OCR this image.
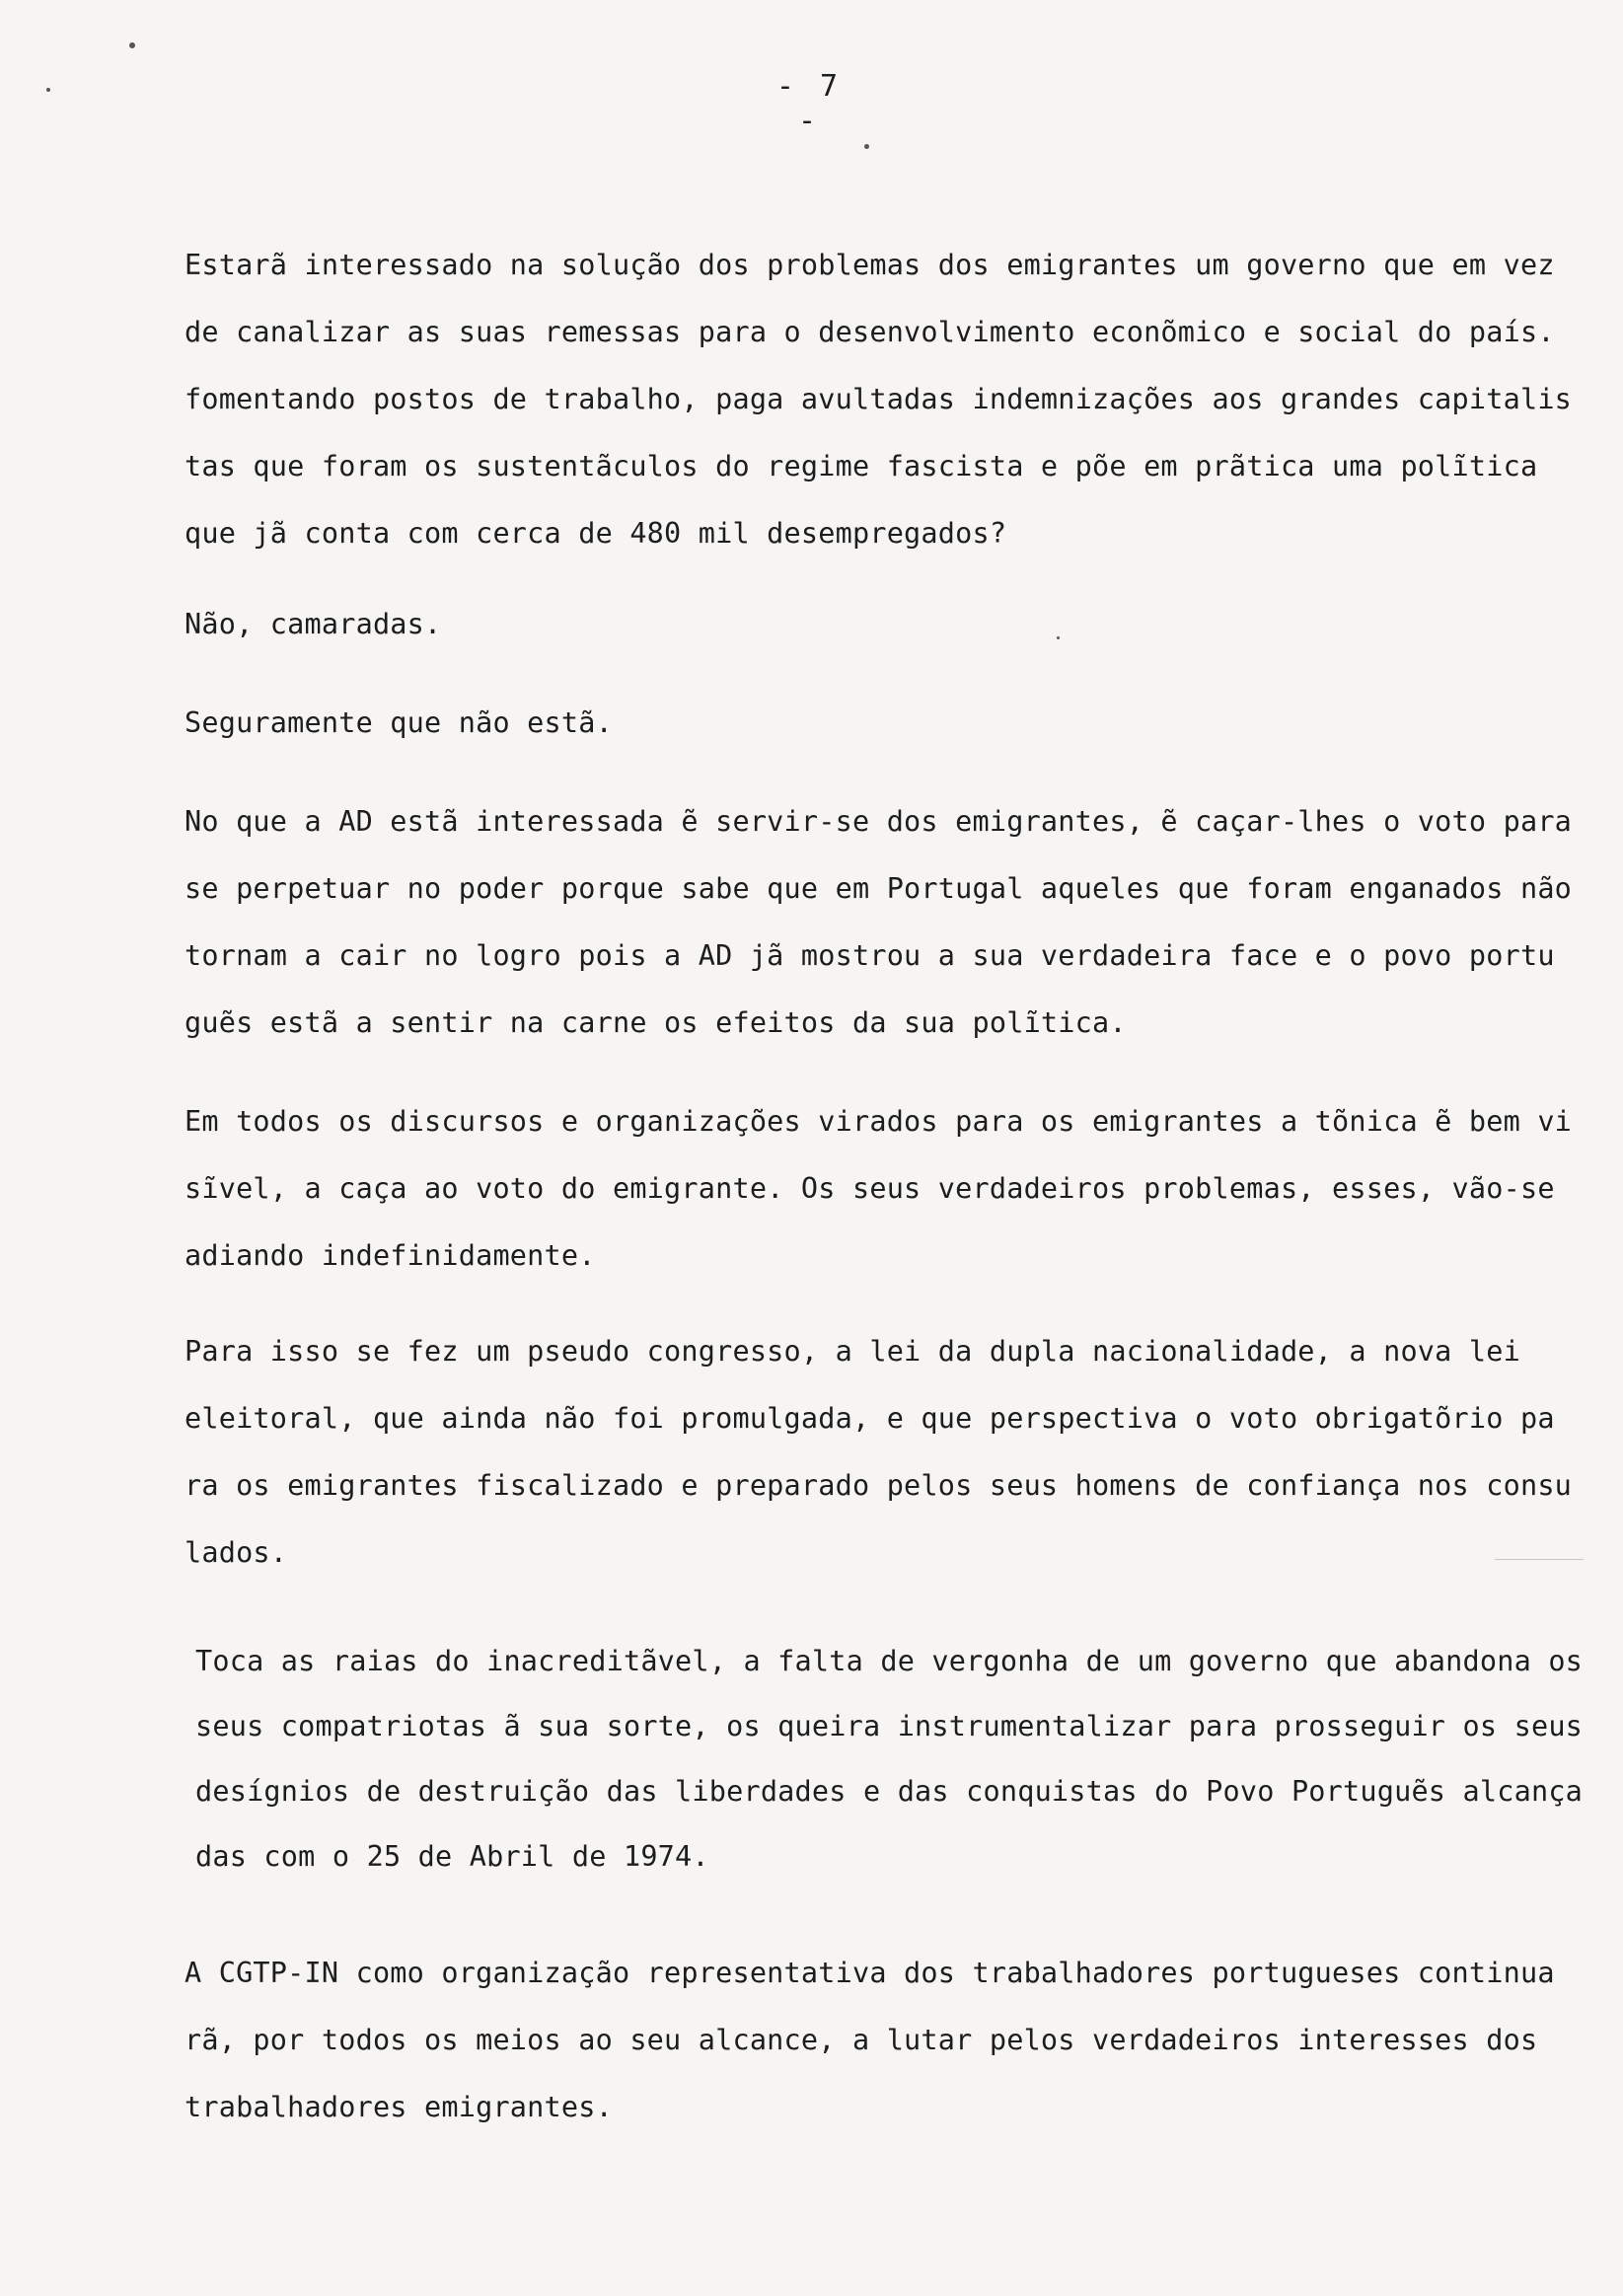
- 7 -
Estarã interessado na solução dos problemas dos emigrantes um governo que em vez
de canalizar as suas remessas para o desenvolvimento econõmico e social do país.
fomentando postos de trabalho, paga avultadas indemnizações aos grandes capitalis
tas que foram os sustentãculos do regime fascista e põe em prãtica uma polĩtica
que jã conta com cerca de 480 mil desempregados?
Não, camaradas.
Seguramente que não estã.
No que a AD estã interessada ẽ servir-se dos emigrantes, ẽ caçar-lhes o voto para
se perpetuar no poder porque sabe que em Portugal aqueles que foram enganados não
tornam a cair no logro pois a AD jã mostrou a sua verdadeira face e o povo portu
guẽs estã a sentir na carne os efeitos da sua polĩtica.
Em todos os discursos e organizações virados para os emigrantes a tõnica ẽ bem vi
sĩvel, a caça ao voto do emigrante. Os seus verdadeiros problemas, esses, vão-se
adiando indefinidamente.
Para isso se fez um pseudo congresso, a lei da dupla nacionalidade, a nova lei
eleitoral, que ainda não foi promulgada, e que perspectiva o voto obrigatõrio pa
ra os emigrantes fiscalizado e preparado pelos seus homens de confiança nos consu
lados.
Toca as raias do inacreditãvel, a falta de vergonha de um governo que abandona os
seus compatriotas ã sua sorte, os queira instrumentalizar para prosseguir os seus
desígnios de destruição das liberdades e das conquistas do Povo Portuguẽs alcança
das com o 25 de Abril de 1974.
A CGTP-IN como organização representativa dos trabalhadores portugueses continua
rã, por todos os meios ao seu alcance, a lutar pelos verdadeiros interesses dos
trabalhadores emigrantes.
